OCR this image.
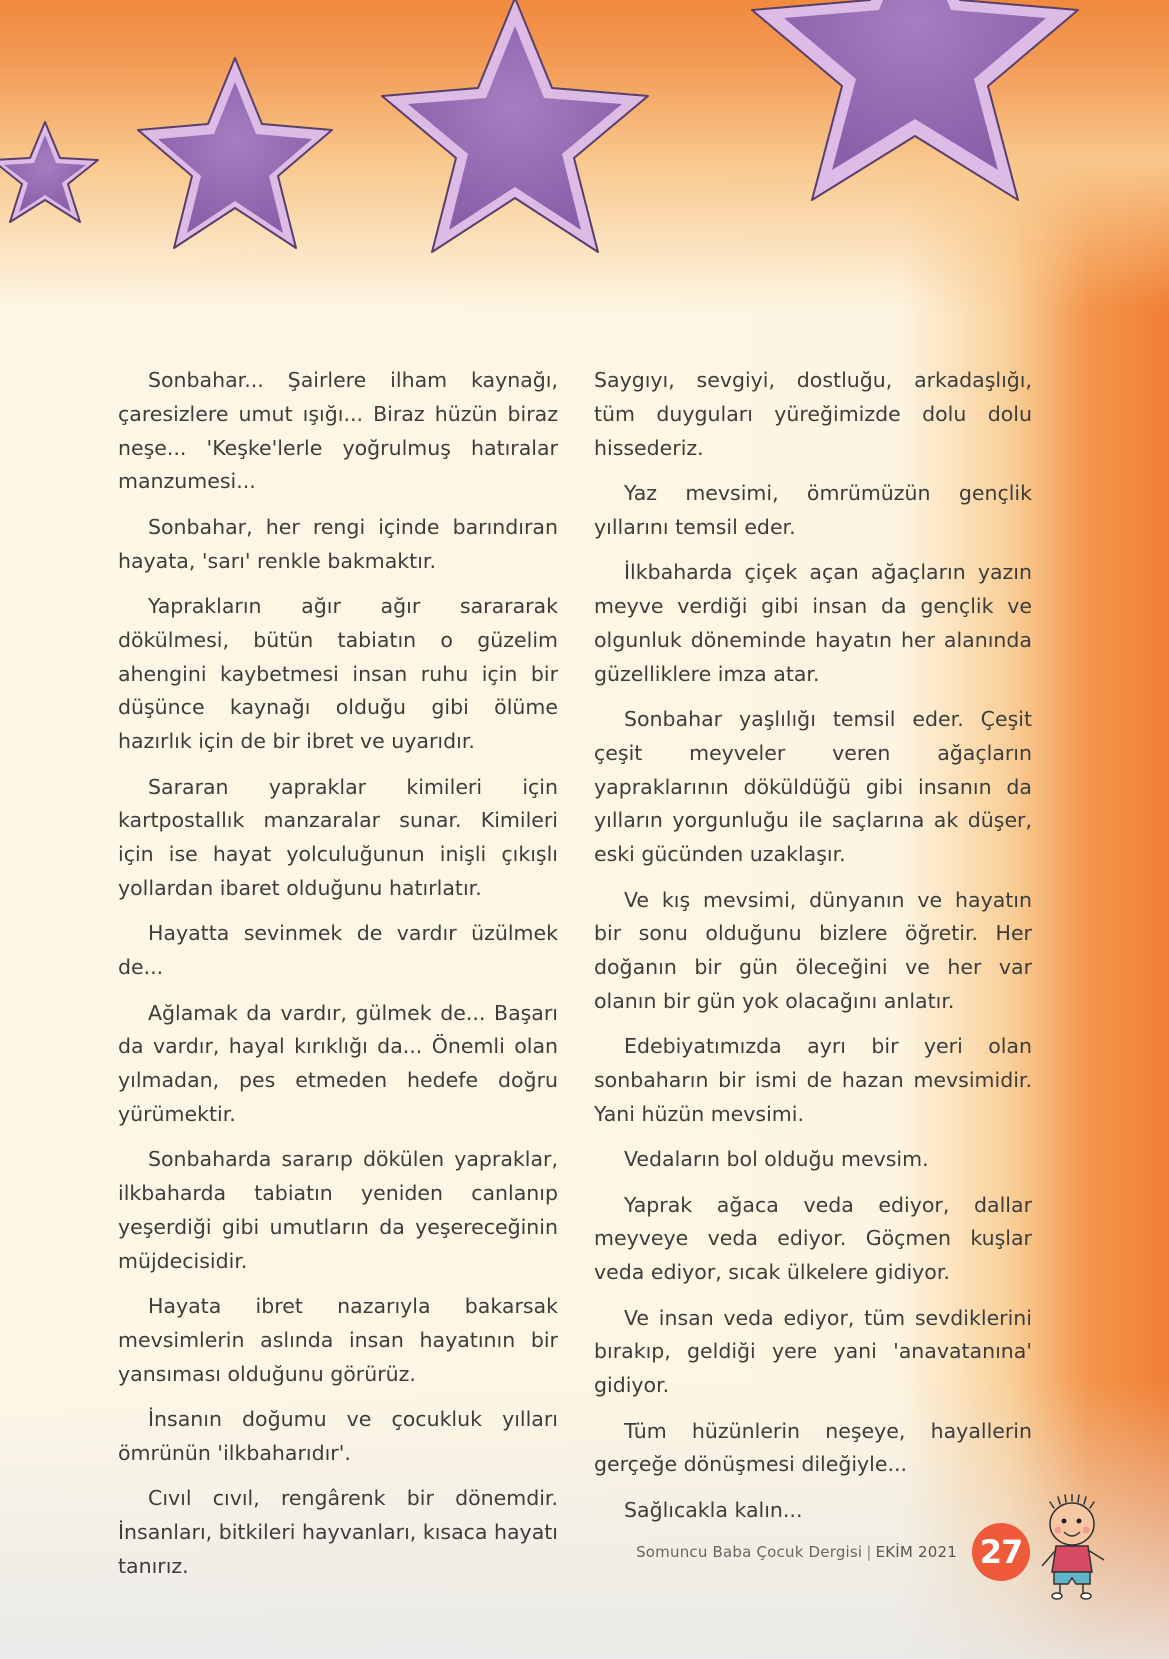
Sonbahar... Şairlere ilham kaynağı, çaresizlere umut ışığı... Biraz hüzün biraz neşe... 'Keşke'lerle yoğrulmuş hatıralar manzumesi...

Sonbahar, her rengi içinde barındıran hayata, 'sarı' renkle bakmaktır.

Yaprakların ağır ağır sarararak dökülmesi, bütün tabiatın o güzelim ahengini kaybetmesi insan ruhu için bir düşünce kaynağı olduğu gibi ölüme hazırlık için de bir ibret ve uyarıdır.

Sararan yapraklar kimileri için kartpostallık manzaralar sunar. Kimileri için ise hayat yolculuğunun inişli çıkışlı yollardan ibaret olduğunu hatırlatır.

Hayatta sevinmek de vardır üzülmek de...

Ağlamak da vardır, gülmek de... Başarı da vardır, hayal kırıklığı da... Önemli olan yılmadan, pes etmeden hedefe doğru yürümektir.

Sonbaharda sararıp dökülen yapraklar, ilkbaharda tabiatın yeniden canlanıp yeşerdiği gibi umutların da yeşereceğinin müjdecisidir.

Hayata ibret nazarıyla bakarsak mevsimlerin aslında insan hayatının bir yansıması olduğunu görürüz.

İnsanın doğumu ve çocukluk yılları ömrünün 'ilkbaharıdır'.

Cıvıl cıvıl, rengârenk bir dönemdir. İnsanları, bitkileri hayvanları, kısaca hayatı tanırız.

Saygıyı, sevgiyi, dostluğu, arkadaşlığı, tüm duyguları yüreğimizde dolu dolu hissederiz.

Yaz mevsimi, ömrümüzün gençlik yıllarını temsil eder.

İlkbaharda çiçek açan ağaçların yazın meyve verdiği gibi insan da gençlik ve olgunluk döneminde hayatın her alanında güzelliklere imza atar.

Sonbahar yaşlılığı temsil eder. Çeşit çeşit meyveler veren ağaçların yapraklarının döküldüğü gibi insanın da yılların yorgunluğu ile saçlarına ak düşer, eski gücünden uzaklaşır.

Ve kış mevsimi, dünyanın ve hayatın bir sonu olduğunu bizlere öğretir. Her doğanın bir gün öleceğini ve her var olanın bir gün yok olacağını anlatır.

Edebiyatımızda ayrı bir yeri olan sonbaharın bir ismi de hazan mevsimidir. Yani hüzün mevsimi.

Vedaların bol olduğu mevsim.

Yaprak ağaca veda ediyor, dallar meyveye veda ediyor. Göçmen kuşlar veda ediyor, sıcak ülkelere gidiyor.

Ve insan veda ediyor, tüm sevdiklerini bırakıp, geldiği yere yani 'anavatanına' gidiyor.

Tüm hüzünlerin neşeye, hayallerin gerçeğe dönüşmesi dileğiyle...

Sağlıcakla kalın...

Somuncu Baba Çocuk Dergisi | EKİM 2021 27
